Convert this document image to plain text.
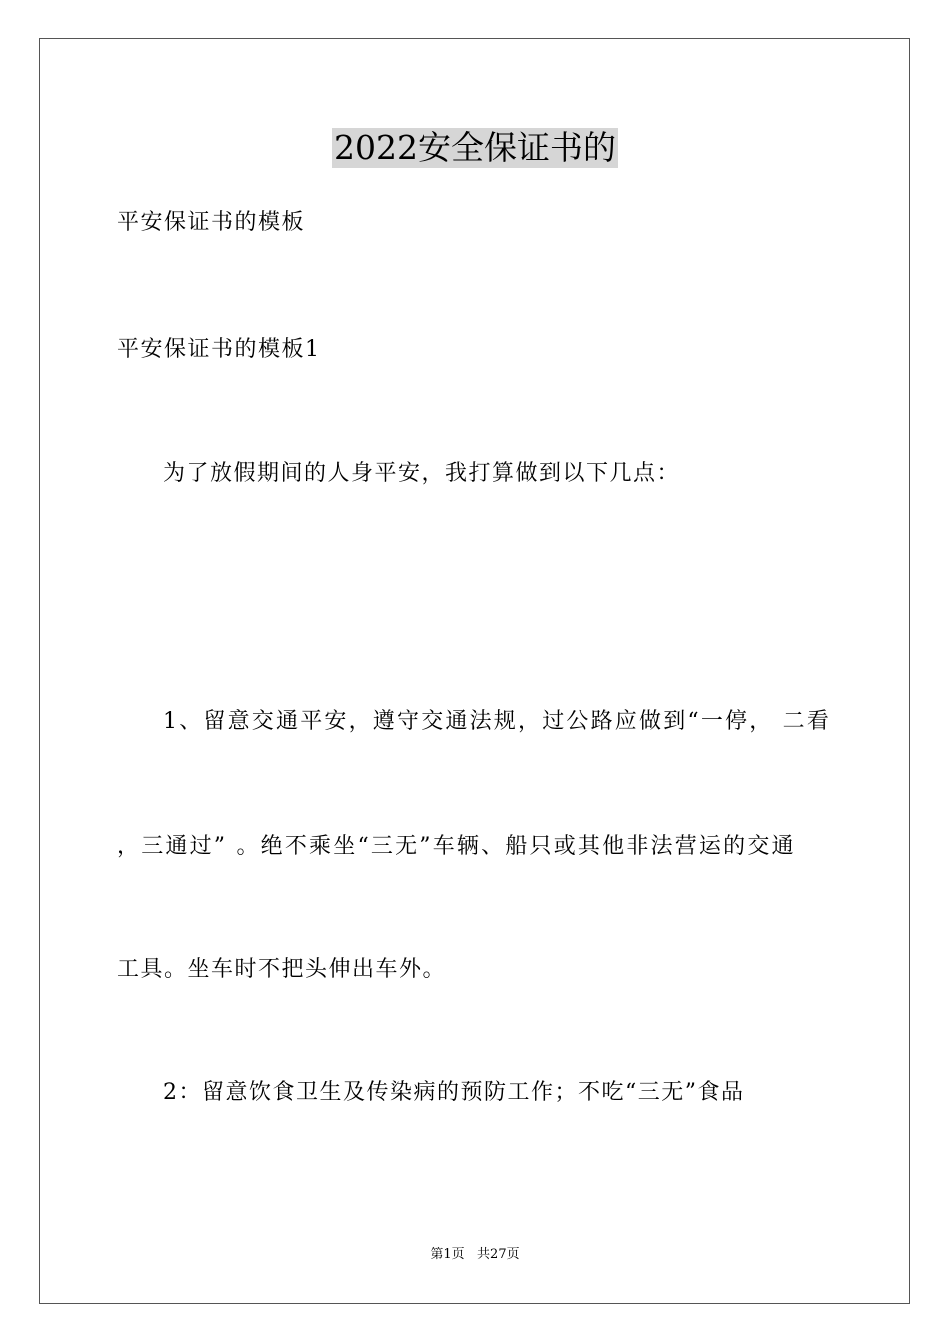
2022安全保证书的
平安保证书的模板
平安保证书的模板1
为了放假期间的人身平安，我打算做到以下几点：
1、留意交通平安，遵守交通法规，过公路应做到“一停， 二看
，三通过” 。绝不乘坐“三无”车辆、船只或其他非法营运的交通
工具。坐车时不把头伸出车外。
2：留意饮食卫生及传染病的预防工作；不吃“三无”食品
第1页   共27页
